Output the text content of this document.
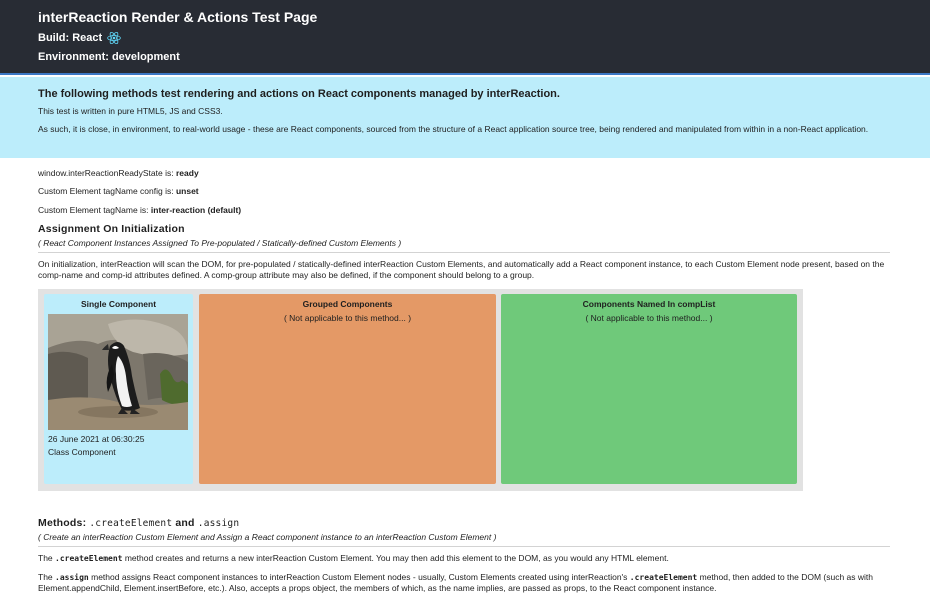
interReaction Render & Actions Test Page
Build: React
Environment: development
The following methods test rendering and actions on React components managed by interReaction.
This test is written in pure HTML5, JS and CSS3.
As such, it is close, in environment, to real-world usage - these are React components, sourced from the structure of a React application source tree, being rendered and manipulated from within in a non-React application.
window.interReactionReadyState is: ready
Custom Element tagName config is: unset
Custom Element tagName is: inter-reaction (default)
Assignment On Initialization
( React Component Instances Assigned To Pre-populated / Statically-defined Custom Elements )
On initialization, interReaction will scan the DOM, for pre-populated / statically-defined interReaction Custom Elements, and automatically add a React component instance, to each Custom Element node present, based on the comp-name and comp-id attributes defined. A comp-group attribute may also be defined, if the component should belong to a group.
Single Component
26 June 2021 at 06:30:25
Class Component
Grouped Components
( Not applicable to this method... )
Components Named In compList
( Not applicable to this method... )
Methods: .createElement and .assign
( Create an interReaction Custom Element and Assign a React component instance to an interReaction Custom Element )
The .createElement method creates and returns a new interReaction Custom Element. You may then add this element to the DOM, as you would any HTML element.
The .assign method assigns React component instances to interReaction Custom Element nodes - usually, Custom Elements created using interReaction's .createElement method, then added to the DOM (such as with Element.appendChild, Element.insertBefore, etc.). Also, accepts a props object, the members of which, as the name implies, are passed as props, to the React component instance.
